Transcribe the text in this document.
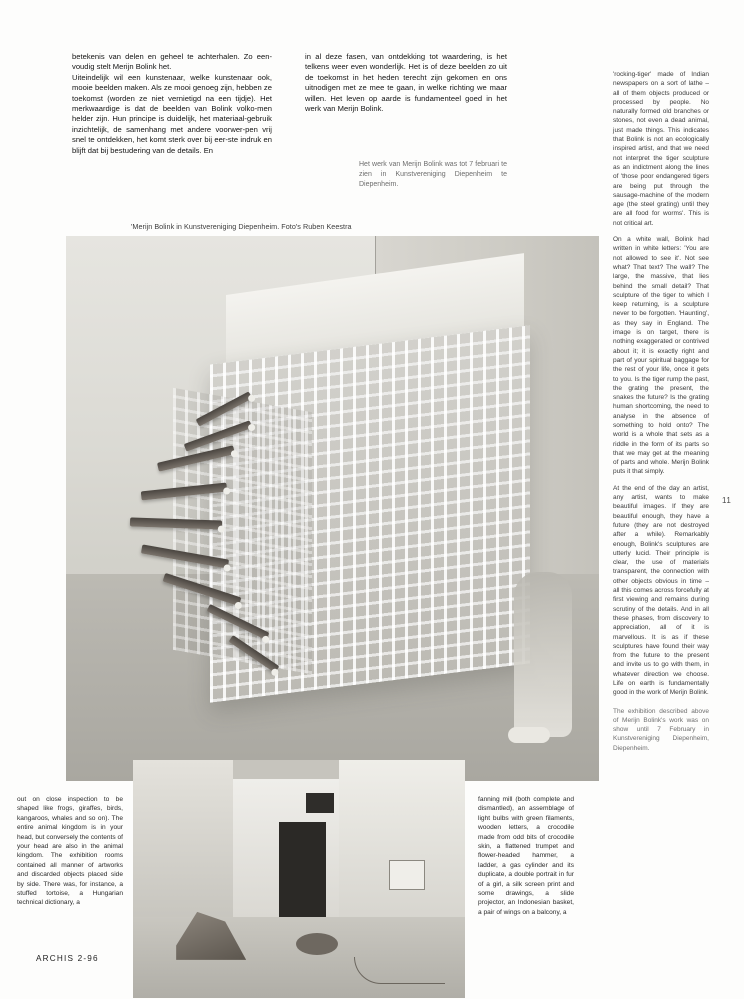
betekenis van delen en geheel te achterhalen. Zo een-voudig stelt Merijn Bolink het.

Uiteindelijk wil een kunstenaar, welke kunstenaar ook, mooie beelden maken. Als ze mooi genoeg zijn, hebben ze toekomst (worden ze niet vernietigd na een tijdje). Het merkwaardige is dat de beelden van Bolink volko-men helder zijn. Hun principe is duidelijk, het materiaal-gebruik inzichtelijk, de samenhang met andere voorwer-pen vrij snel te ontdekken, het komt sterk over bij eer-ste indruk en blijft dat bij bestudering van de details. En

in al deze fasen, van ontdekking tot waardering, is het telkens weer even wonderlijk. Het is of deze beelden zo uit de toekomst in het heden terecht zijn gekomen en ons uitnodigen met ze mee te gaan, in welke richting we maar willen. Het leven op aarde is fundamenteel goed in het werk van Merijn Bolink.

Het werk van Merijn Bolink was tot 7 februari te zien in Kunstvereniging Diepenheim te Diepenheim.

'rocking-tiger' made of Indian newspapers on a sort of lathe – all of them objects produced or processed by people. No naturally formed old branches or stones, not even a dead animal, just made things. This indicates that Bolink is not an ecologically inspired artist, and that we need not interpret the tiger sculpture as an indictment along the lines of 'those poor endangered tigers are being put through the sausage-machine of the modern age (the steel grating) until they are all food for worms'. This is not critical art.

On a white wall, Bolink had written in white letters: 'You are not allowed to see it'. Not see what? That text? The wall? The large, the massive, that lies behind the small detail? That sculpture of the tiger to which I keep returning, is a sculpture never to be forgotten. 'Haunting', as they say in England. The image is on target, there is nothing exaggerated or contrived about it; it is exactly right and part of your spiritual baggage for the rest of your life, once it gets to you. Is the tiger rump the past, the grating the present, the snakes the future? Is the grating human shortcoming, the need to analyse in the absence of something to hold onto? The world is a whole that sets as a riddle in the form of its parts so that we may get at the meaning of parts and whole. Merijn Bolink puts it that simply.

At the end of the day an artist, any artist, wants to make beautiful images. If they are beautiful enough, they have a future (they are not destroyed after a while). Remarkably enough, Bolink's sculptures are utterly lucid. Their principle is clear, the use of materials transparent, the connection with other objects obvious in time – all this comes across forcefully at first viewing and remains during scrutiny of the details. And in all these phases, from discovery to appreciation, all of it is marvellous. It is as if these sculptures have found their way from the future to the present and invite us to go with them, in whatever direction we choose. Life on earth is fundamentally good in the work of Merijn Bolink.

The exhibition described above of Merijn Bolink's work was on show until 7 February in Kunstvereniging Diepenheim, Diepenheim.

11
'Merijn Bolink in Kunstvereniging Diepenheim. Foto's Ruben Keestra
out on close inspection to be shaped like frogs, giraffes, birds, kangaroos, whales and so on). The entire animal kingdom is in your head, but conversely the contents of your head are also in the animal kingdom. The exhibition rooms contained all manner of artworks and discarded objects placed side by side. There was, for instance, a stuffed tortoise, a Hungarian technical dictionary, a
fanning mill (both complete and dismantled), an assemblage of light bulbs with green filaments, wooden letters, a crocodile made from odd bits of crocodile skin, a flattened trumpet and flower-headed hammer, a ladder, a gas cylinder and its duplicate, a double portrait in fur of a girl, a silk screen print and some drawings, a slide projector, an Indonesian basket, a pair of wings on a balcony, a
ARCHIS 2-96
